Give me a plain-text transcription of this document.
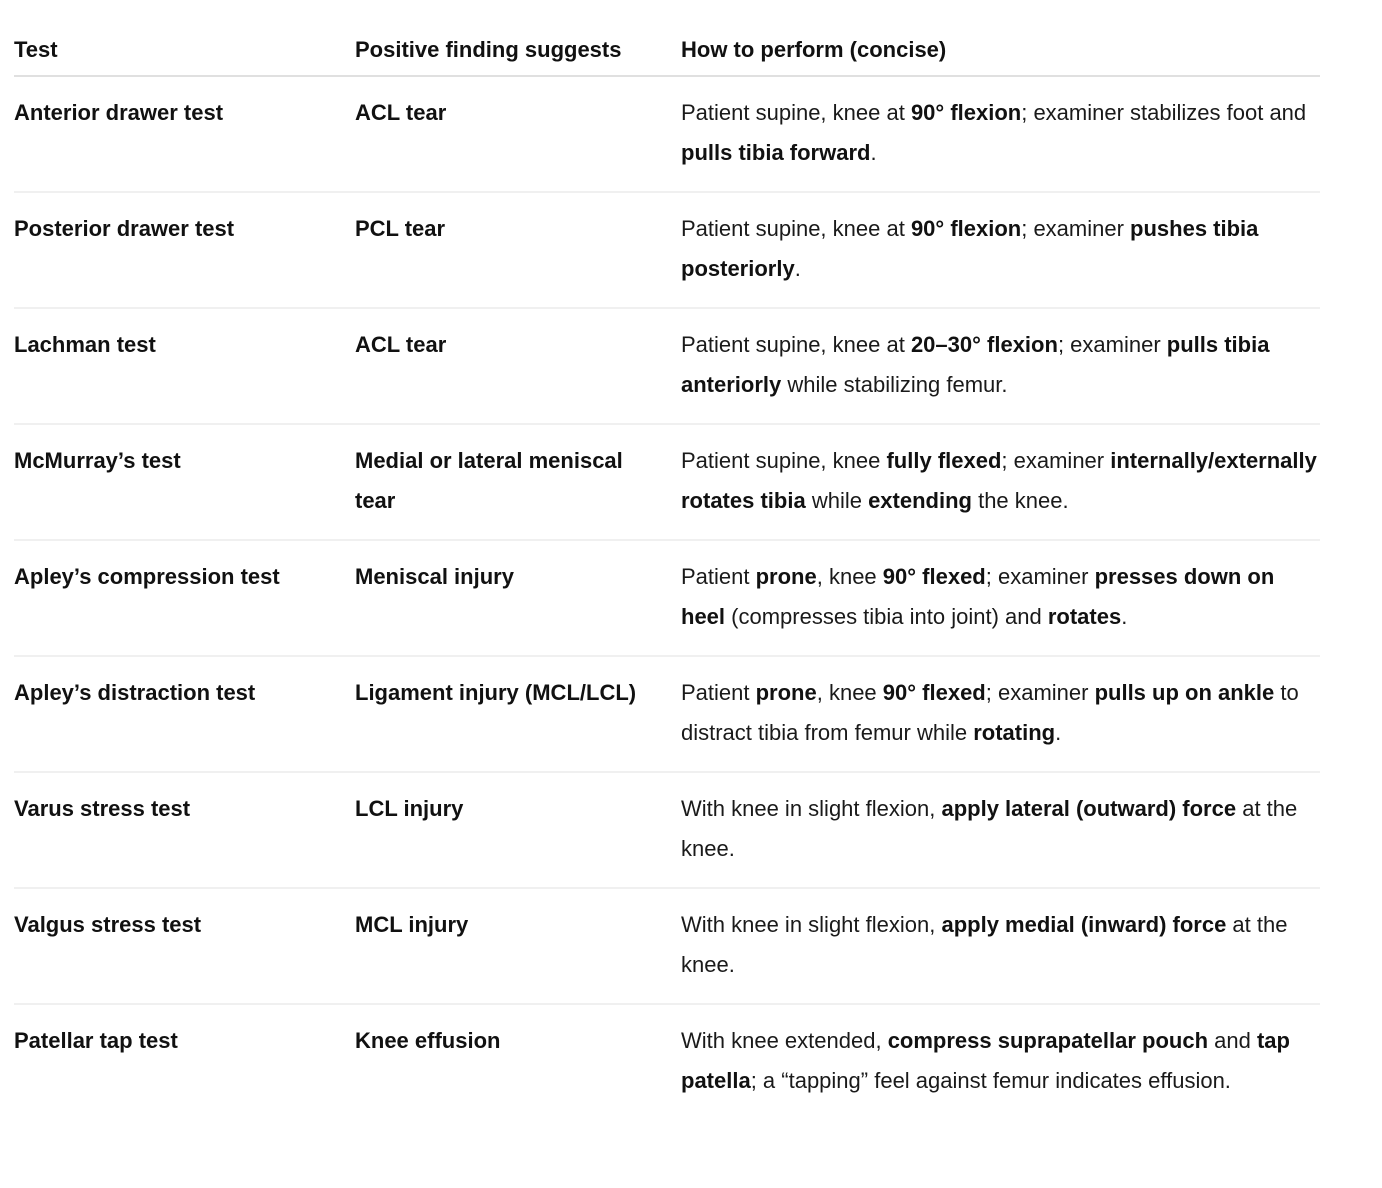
Test	Positive finding suggests	How to perform (concise)
Anterior drawer test	ACL tear	Patient supine, knee at 90° flexion; examiner stabilizes foot and pulls tibia forward.
Posterior drawer test	PCL tear	Patient supine, knee at 90° flexion; examiner pushes tibia posteriorly.
Lachman test	ACL tear	Patient supine, knee at 20–30° flexion; examiner pulls tibia anteriorly while stabilizing femur.
McMurray’s test	Medial or lateral meniscal tear	Patient supine, knee fully flexed; examiner internally/externally rotates tibia while extending the knee.
Apley’s compression test	Meniscal injury	Patient prone, knee 90° flexed; examiner presses down on heel (compresses tibia into joint) and rotates.
Apley’s distraction test	Ligament injury (MCL/LCL)	Patient prone, knee 90° flexed; examiner pulls up on ankle to distract tibia from femur while rotating.
Varus stress test	LCL injury	With knee in slight flexion, apply lateral (outward) force at the knee.
Valgus stress test	MCL injury	With knee in slight flexion, apply medial (inward) force at the knee.
Patellar tap test	Knee effusion	With knee extended, compress suprapatellar pouch and tap patella; a “tapping” feel against femur indicates effusion.
